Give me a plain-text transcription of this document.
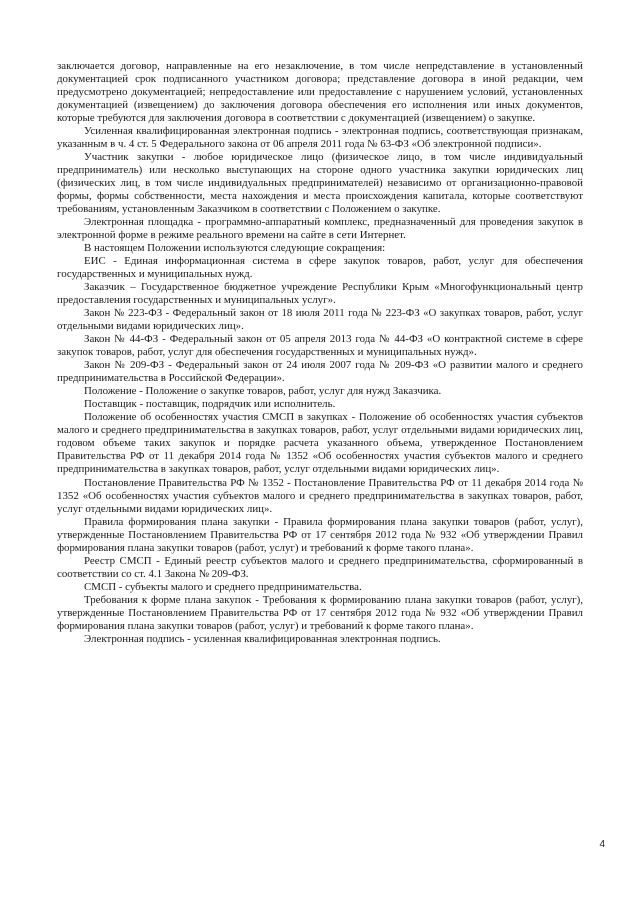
заключается договор, направленные на его незаключение, в том числе непредставление в установленный документацией срок подписанного участником договора; представление договора в иной редакции, чем предусмотрено документацией; непредоставление или предоставление с нарушением условий, установленных документацией (извещением) до заключения договора обеспечения его исполнения или иных документов, которые требуются для заключения договора в соответствии с документацией (извещением) о закупке.

Усиленная квалифицированная электронная подпись - электронная подпись, соответствующая признакам, указанным в ч. 4 ст. 5 Федерального закона от 06 апреля 2011 года № 63-ФЗ «Об электронной подписи».

Участник закупки - любое юридическое лицо (физическое лицо, в том числе индивидуальный предприниматель) или несколько выступающих на стороне одного участника закупки юридических лиц (физических лиц, в том числе индивидуальных предпринимателей) независимо от организационно-правовой формы, формы собственности, места нахождения и места происхождения капитала, которые соответствуют требованиям, установленным Заказчиком в соответствии с Положением о закупке.

Электронная площадка - программно-аппаратный комплекс, предназначенный для проведения закупок в электронной форме в режиме реального времени на сайте в сети Интернет.

В настоящем Положении используются следующие сокращения:

ЕИС - Единая информационная система в сфере закупок товаров, работ, услуг для обеспечения государственных и муниципальных нужд.

Заказчик – Государственное бюджетное учреждение Республики Крым «Многофункциональный центр предоставления государственных и муниципальных услуг».

Закон № 223-ФЗ - Федеральный закон от 18 июля 2011 года № 223-ФЗ «О закупках товаров, работ, услуг отдельными видами юридических лиц».

Закон № 44-ФЗ - Федеральный закон от 05 апреля 2013 года № 44-ФЗ «О контрактной системе в сфере закупок товаров, работ, услуг для обеспечения государственных и муниципальных нужд».

Закон № 209-ФЗ - Федеральный закон от 24 июля 2007 года № 209-ФЗ «О развитии малого и среднего предпринимательства в Российской Федерации».

Положение - Положение о закупке товаров, работ, услуг для нужд Заказчика.

Поставщик - поставщик, подрядчик или исполнитель.

Положение об особенностях участия СМСП в закупках - Положение об особенностях участия субъектов малого и среднего предпринимательства в закупках товаров, работ, услуг отдельными видами юридических лиц, годовом объеме таких закупок и порядке расчета указанного объема, утвержденное Постановлением Правительства РФ от 11 декабря 2014 года № 1352 «Об особенностях участия субъектов малого и среднего предпринимательства в закупках товаров, работ, услуг отдельными видами юридических лиц».

Постановление Правительства РФ № 1352 - Постановление Правительства РФ от 11 декабря 2014 года № 1352 «Об особенностях участия субъектов малого и среднего предпринимательства в закупках товаров, работ, услуг отдельными видами юридических лиц».

Правила формирования плана закупки - Правила формирования плана закупки товаров (работ, услуг), утвержденные Постановлением Правительства РФ от 17 сентября 2012 года № 932 «Об утверждении Правил формирования плана закупки товаров (работ, услуг) и требований к форме такого плана».

Реестр СМСП - Единый реестр субъектов малого и среднего предпринимательства, сформированный в соответствии со ст. 4.1 Закона № 209-ФЗ.

СМСП - субъекты малого и среднего предпринимательства.

Требования к форме плана закупок - Требования к формированию плана закупки товаров (работ, услуг), утвержденные Постановлением Правительства РФ от 17 сентября 2012 года № 932 «Об утверждении Правил формирования плана закупки товаров (работ, услуг) и требований к форме такого плана».

Электронная подпись - усиленная квалифицированная электронная подпись.

4
